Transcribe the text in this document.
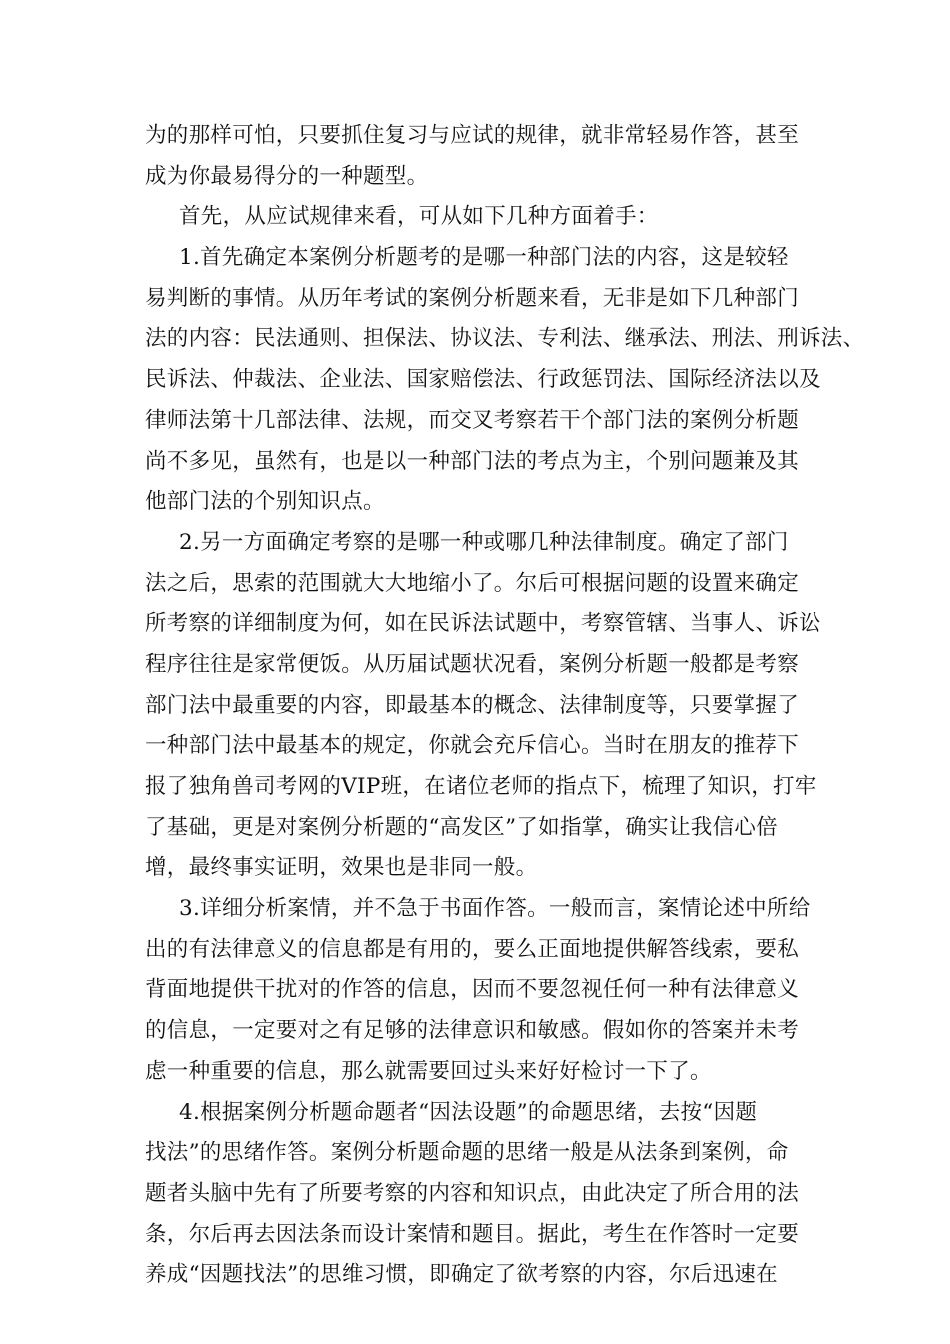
为的那样可怕，只要抓住复习与应试的规律，就非常轻易作答，甚至
成为你最易得分的一种题型。
首先，从应试规律来看，可从如下几种方面着手：
1.首先确定本案例分析题考的是哪一种部门法的内容，这是较轻
易判断的事情。从历年考试的案例分析题来看，无非是如下几种部门
法的内容：民法通则、担保法、协议法、专利法、继承法、刑法、刑诉法、
民诉法、仲裁法、企业法、国家赔偿法、行政惩罚法、国际经济法以及
律师法第十几部法律、法规，而交叉考察若干个部门法的案例分析题
尚不多见，虽然有，也是以一种部门法的考点为主，个别问题兼及其
他部门法的个别知识点。
2.另一方面确定考察的是哪一种或哪几种法律制度。确定了部门
法之后，思索的范围就大大地缩小了。尔后可根据问题的设置来确定
所考察的详细制度为何，如在民诉法试题中，考察管辖、当事人、诉讼
程序往往是家常便饭。从历届试题状况看，案例分析题一般都是考察
部门法中最重要的内容，即最基本的概念、法律制度等，只要掌握了
一种部门法中最基本的规定，你就会充斥信心。当时在朋友的推荐下
报了独角兽司考网的VIP班，在诸位老师的指点下，梳理了知识，打牢
了基础，更是对案例分析题的“高发区”了如指掌，确实让我信心倍
增，最终事实证明，效果也是非同一般。
3.详细分析案情，并不急于书面作答。一般而言，案情论述中所给
出的有法律意义的信息都是有用的，要么正面地提供解答线索，要私
背面地提供干扰对的作答的信息，因而不要忽视任何一种有法律意义
的信息，一定要对之有足够的法律意识和敏感。假如你的答案并未考
虑一种重要的信息，那么就需要回过头来好好检讨一下了。
4.根据案例分析题命题者“因法设题”的命题思绪，去按“因题
找法”的思绪作答。案例分析题命题的思绪一般是从法条到案例，命
题者头脑中先有了所要考察的内容和知识点，由此决定了所合用的法
条，尔后再去因法条而设计案情和题目。据此，考生在作答时一定要
养成“因题找法”的思维习惯，即确定了欲考察的内容，尔后迅速在
